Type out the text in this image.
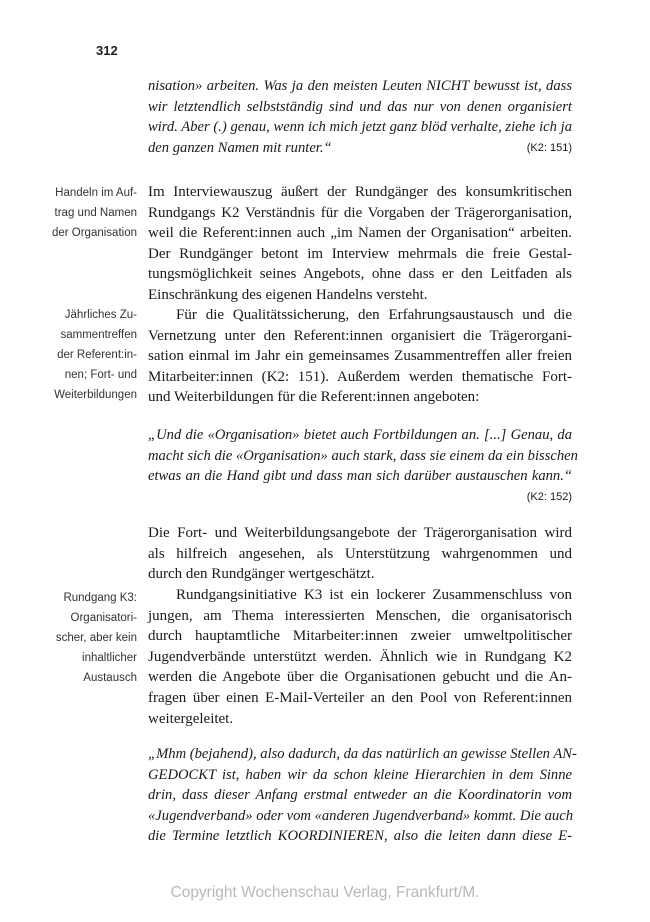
312
nisation» arbeiten. Was ja den meisten Leuten NICHT bewusst ist, dass
wir letztendlich selbstständig sind und das nur von denen organisiert
wird. Aber (.) genau, wenn ich mich jetzt ganz blöd verhalte, ziehe ich ja
den ganzen Namen mit runter.“	(K2: 151)
Handeln im Auf-
trag und Namen
der Organisation
Im Interviewauszug äußert der Rundgänger des konsumkritischen
Rundgangs K2 Verständnis für die Vorgaben der Trägerorganisation,
weil die Referent:innen auch „im Namen der Organisation“ arbeiten.
Der Rundgänger betont im Interview mehrmals die freie Gestal-
tungsmöglichkeit seines Angebots, ohne dass er den Leitfaden als
Einschränkung des eigenen Handelns versteht.
Jährliches Zu-
sammentreffen
der Referent:in-
nen; Fort- und
Weiterbildungen
Für die Qualitätssicherung, den Erfahrungsaustausch und die
Vernetzung unter den Referent:innen organisiert die Trägerorgani-
sation einmal im Jahr ein gemeinsames Zusammentreffen aller freien
Mitarbeiter:innen (K2: 151). Außerdem werden thematische Fort-
und Weiterbildungen für die Referent:innen angeboten:
„Und die «Organisation» bietet auch Fortbildungen an. [...] Genau, da
macht sich die «Organisation» auch stark, dass sie einem da ein bisschen
etwas an die Hand gibt und dass man sich darüber austauschen kann.“
(K2: 152)
Die Fort- und Weiterbildungsangebote der Trägerorganisation wird
als hilfreich angesehen, als Unterstützung wahrgenommen und
durch den Rundgänger wertgeschätzt.
Rundgang K3:
Organisatori-
scher, aber kein
inhaltlicher
Austausch
Rundgangsinitiative K3 ist ein lockerer Zusammenschluss von
jungen, am Thema interessierten Menschen, die organisatorisch
durch hauptamtliche Mitarbeiter:innen zweier umweltpolitischer
Jugendverbände unterstützt werden. Ähnlich wie in Rundgang K2
werden die Angebote über die Organisationen gebucht und die An-
fragen über einen E-Mail-Verteiler an den Pool von Referent:innen
weitergeleitet.
„Mhm (bejahend), also dadurch, da das natürlich an gewisse Stellen AN-
GEDOCKT ist, haben wir da schon kleine Hierarchien in dem Sinne
drin, dass dieser Anfang erstmal entweder an die Koordinatorin vom
«Jugendverband» oder vom «anderen Jugendverband» kommt. Die auch
die Termine letztlich KOORDINIEREN, also die leiten dann diese E-
Copyright Wochenschau Verlag, Frankfurt/M.
